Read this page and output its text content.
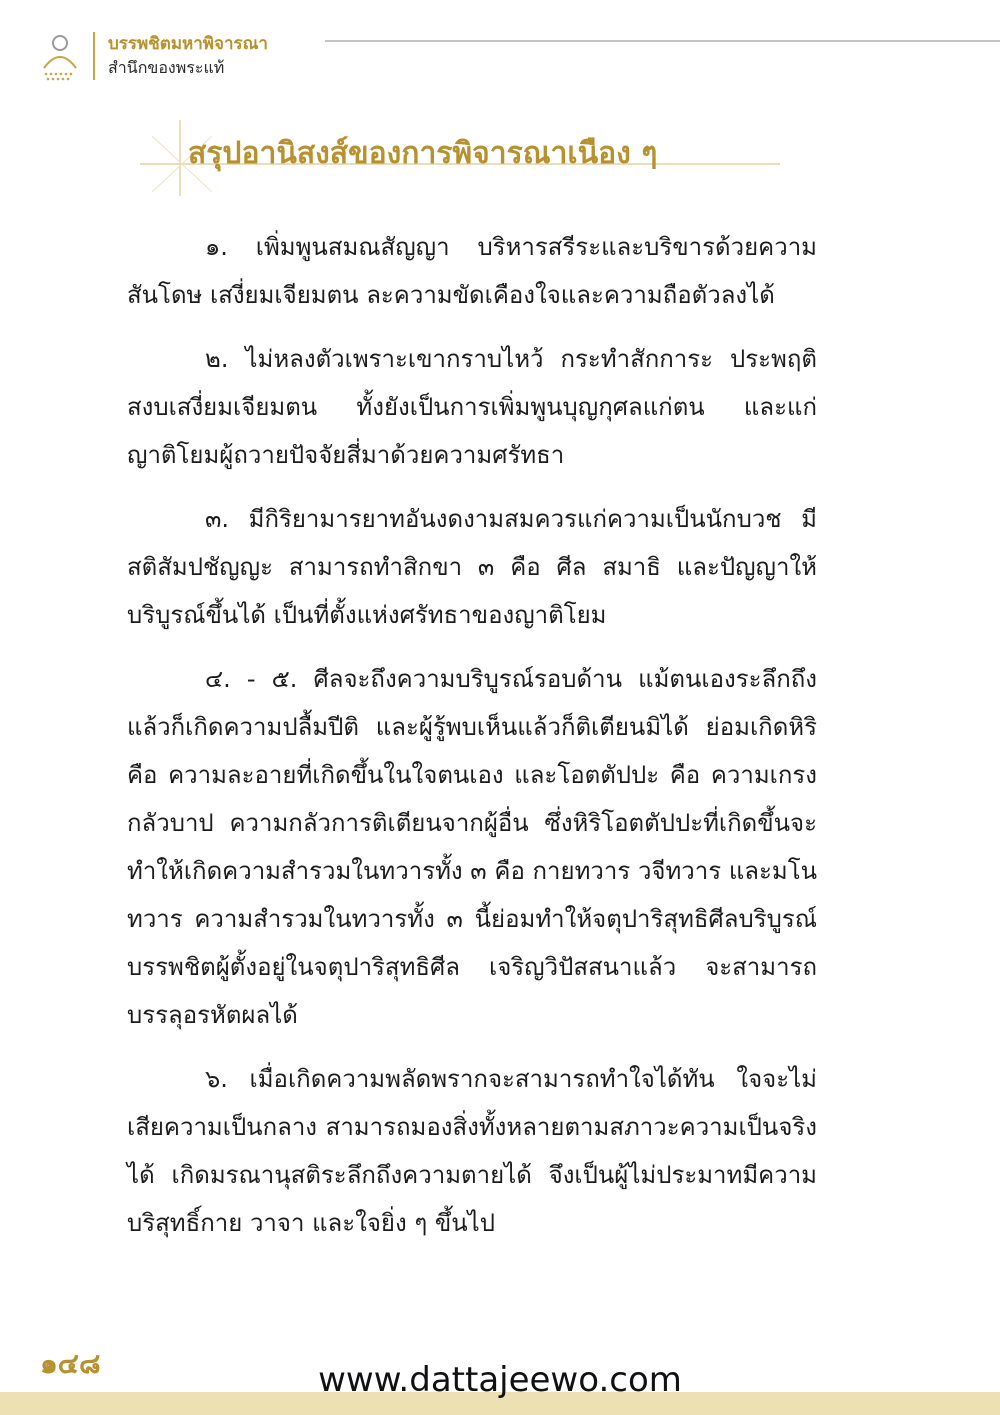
บรรพชิตมหาพิจารณา
สำนึกของพระแท้
สรุปอานิสงส์ของการพิจารณาเนือง ๆ

๑. เพิ่มพูนสมณสัญญา บริหารสรีระและบริขารด้วยความสันโดษ เสงี่ยมเจียมตน ละความขัดเคืองใจและความถือตัวลงได้

๒. ไม่หลงตัวเพราะเขากราบไหว้ กระทำสักการะ ประพฤติสงบเสงี่ยมเจียมตน ทั้งยังเป็นการเพิ่มพูนบุญกุศลแก่ตน และแก่ญาติโยมผู้ถวายปัจจัยสี่มาด้วยความศรัทธา

๓. มีกิริยามารยาทอันงดงามสมควรแก่ความเป็นนักบวช มีสติสัมปชัญญะ สามารถทำสิกขา ๓ คือ ศีล สมาธิ และปัญญาให้บริบูรณ์ขึ้นได้ เป็นที่ตั้งแห่งศรัทธาของญาติโยม

๔. - ๕. ศีลจะถึงความบริบูรณ์รอบด้าน แม้ตนเองระลึกถึงแล้วก็เกิดความปลื้มปีติ และผู้รู้พบเห็นแล้วก็ติเตียนมิได้ ย่อมเกิดหิริ คือ ความละอายที่เกิดขึ้นในใจตนเอง และโอตตัปปะ คือ ความเกรงกลัวบาป ความกลัวการติเตียนจากผู้อื่น ซึ่งหิริโอตตัปปะที่เกิดขึ้นจะทำให้เกิดความสำรวมในทวารทั้ง ๓ คือ กายทวาร วจีทวาร และมโนทวาร ความสำรวมในทวารทั้ง ๓ นี้ย่อมทำให้จตุปาริสุทธิศีลบริบูรณ์ บรรพชิตผู้ตั้งอยู่ในจตุปาริสุทธิศีล เจริญวิปัสสนาแล้ว จะสามารถบรรลุอรหัตผลได้

๖. เมื่อเกิดความพลัดพรากจะสามารถทำใจได้ทัน ใจจะไม่เสียความเป็นกลาง สามารถมองสิ่งทั้งหลายตามสภาวะความเป็นจริงได้ เกิดมรณานุสติระลึกถึงความตายได้ จึงเป็นผู้ไม่ประมาทมีความบริสุทธิ์กาย วาจา และใจยิ่ง ๆ ขึ้นไป

๑๔๘	www.dattajeewo.com
